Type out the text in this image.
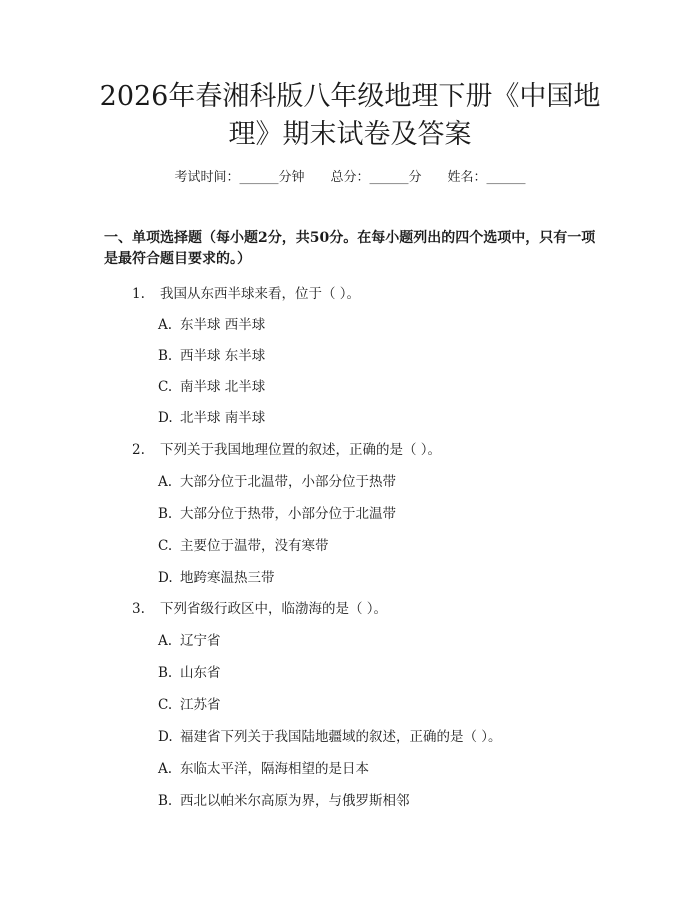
2026年春湘科版八年级地理下册《中国地理》期末试卷及答案
考试时间：______分钟 总分：______分 姓名：______
一、单项选择题（每小题2分，共50分。在每小题列出的四个选项中，只有一项是最符合题目要求的。）
1. 我国从东西半球来看，位于（ ）。
A. 东半球 西半球
B. 西半球 东半球
C. 南半球 北半球
D. 北半球 南半球
2. 下列关于我国地理位置的叙述，正确的是（ ）。
A. 大部分位于北温带，小部分位于热带
B. 大部分位于热带，小部分位于北温带
C. 主要位于温带，没有寒带
D. 地跨寒温热三带
3. 下列省级行政区中，临渤海的是（ ）。
A. 辽宁省
B. 山东省
C. 江苏省
D. 福建省下列关于我国陆地疆域的叙述，正确的是（ ）。
A. 东临太平洋，隔海相望的是日本
B. 西北以帕米尔高原为界，与俄罗斯相邻
